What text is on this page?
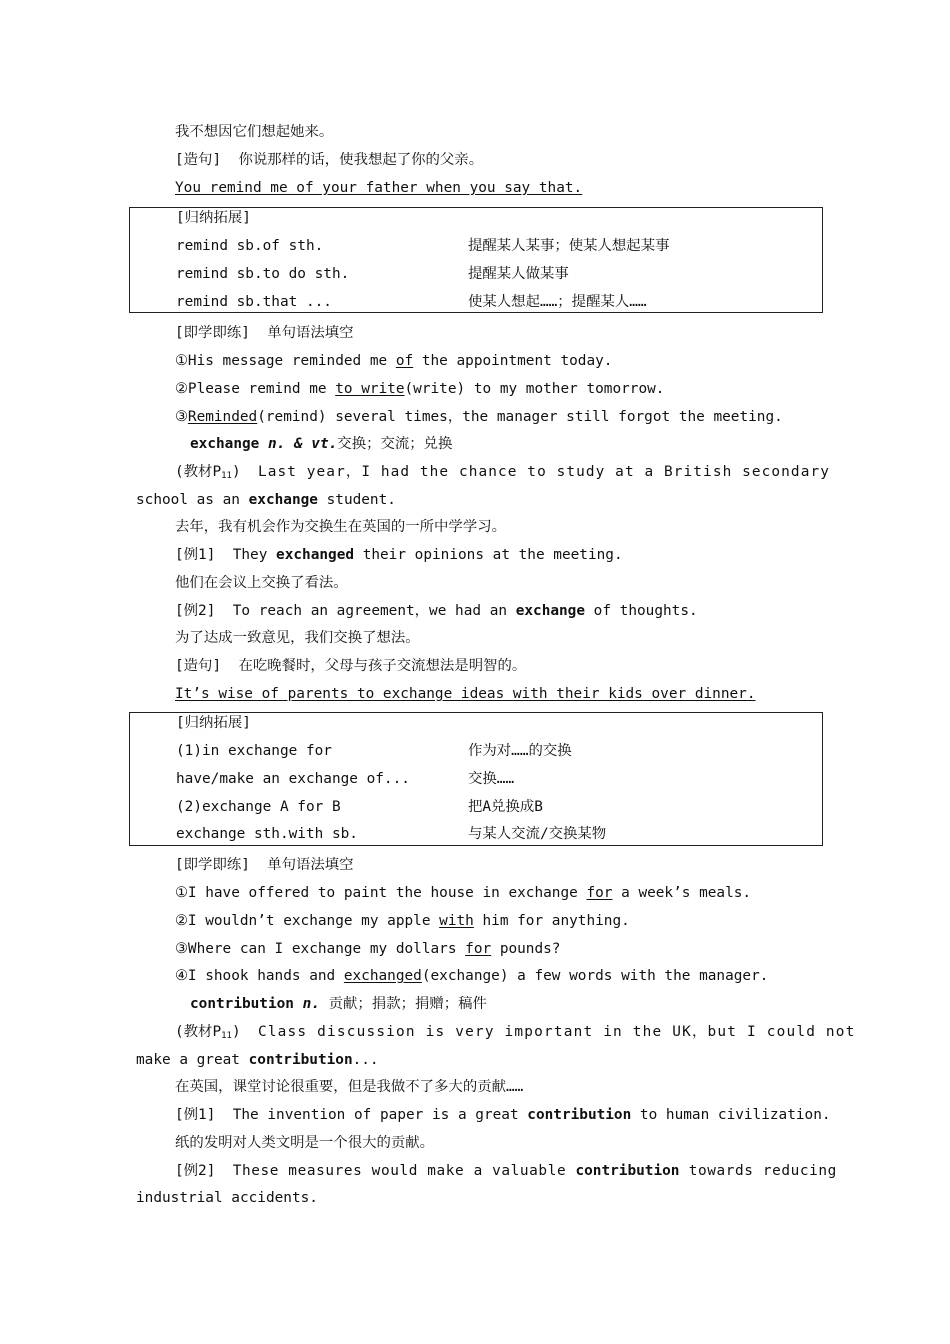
我不想因它们想起她来。
[造句] 你说那样的话，使我想起了你的父亲。
You remind me of your father when you say that.
[归纳拓展]
remind sb.of sth.	提醒某人某事；使某人想起某事
remind sb.to do sth.	提醒某人做某事
remind sb.that ...	使某人想起……；提醒某人……
[即学即练] 单句语法填空
①His message reminded me of the appointment today.
②Please remind me to write(write) to my mother tomorrow.
③Reminded(remind) several times，the manager still forgot the meeting.
exchange n. & vt.交换；交流；兑换
(教材$P_{11}$) Last year，I had the chance to study at a British secondary
school as an exchange student.
去年，我有机会作为交换生在英国的一所中学学习。
[例1] They exchanged their opinions at the meeting.
他们在会议上交换了看法。
[例2] To reach an agreement，we had an exchange of thoughts.
为了达成一致意见，我们交换了想法。
[造句] 在吃晚餐时，父母与孩子交流想法是明智的。
It’s wise of parents to exchange ideas with their kids over dinner.
[归纳拓展]
(1)in exchange for	作为对……的交换
have/make an exchange of...	交换……
(2)exchange A for B	把A兑换成B
exchange sth.with sb.	与某人交流/交换某物
[即学即练] 单句语法填空
①I have offered to paint the house in exchange for a week’s meals.
②I wouldn’t exchange my apple with him for anything.
③Where can I exchange my dollars for pounds?
④I shook hands and exchanged(exchange) a few words with the manager.
contribution n. 贡献；捐款；捐赠；稿件
(教材$P_{11}$) Class discussion is very important in the UK，but I could not
make a great contribution...
在英国，课堂讨论很重要，但是我做不了多大的贡献……
[例1] The invention of paper is a great contribution to human civilization.
纸的发明对人类文明是一个很大的贡献。
[例2] These measures would make a valuable contribution towards reducing
industrial accidents.
